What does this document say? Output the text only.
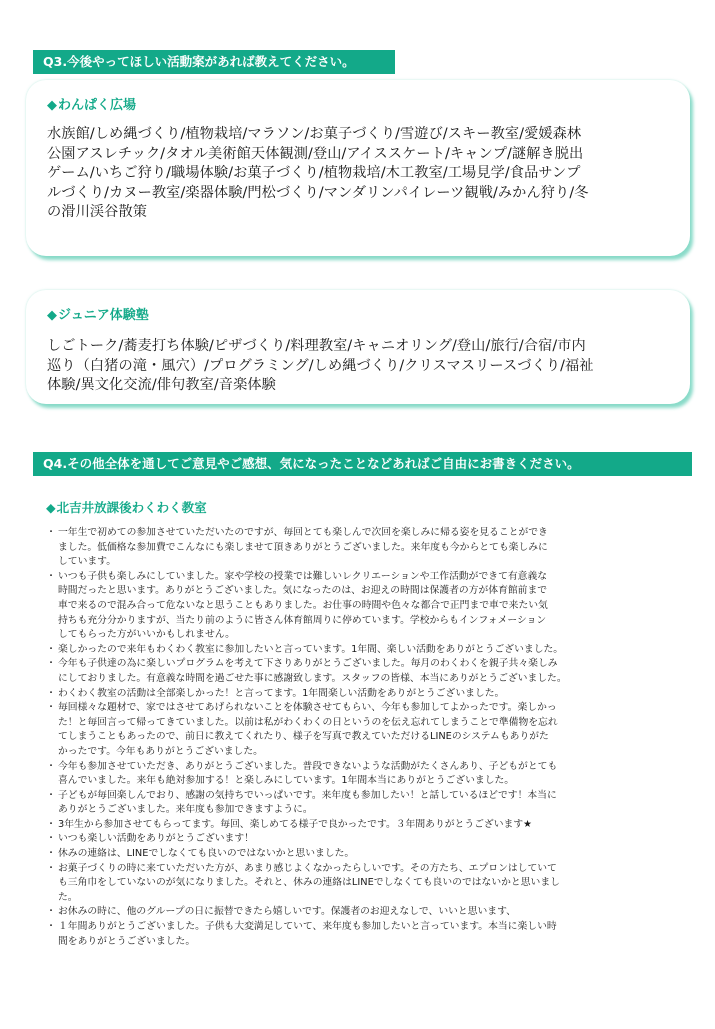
Q3.今後やってほしい活動案があれば教えてください。
◆わんぱく広場
水族館/しめ縄づくり/植物栽培/マラソン/お菓子づくり/雪遊び/スキー教室/愛媛森林
公園アスレチック/タオル美術館天体観測/登山/アイススケート/キャンプ/謎解き脱出
ゲーム/いちご狩り/職場体験/お菓子づくり/植物栽培/木工教室/工場見学/食品サンプ
ルづくり/カヌー教室/楽器体験/門松づくり/マンダリンパイレーツ観戦/みかん狩り/冬
の滑川渓谷散策
◆ジュニア体験塾
しごトーク/蕎麦打ち体験/ピザづくり/料理教室/キャニオリング/登山/旅行/合宿/市内
巡り（白猪の滝・風穴）/プログラミング/しめ縄づくり/クリスマスリースづくり/福祉
体験/異文化交流/俳句教室/音楽体験
Q4.その他全体を通してご意見やご感想、気になったことなどあればご自由にお書きください。
◆北吉井放課後わくわく教室
・ 一年生で初めての参加させていただいたのですが、毎回とても楽しんで次回を楽しみに帰る姿を見ることができ
ました。低価格な参加費でこんなにも楽しませて頂きありがとうございました。来年度も今からとても楽しみに
しています。
・ いつも子供も楽しみにしていました。家や学校の授業では難しいレクリエーションや工作活動ができて有意義な
時間だったと思います。ありがとうございました。気になったのは、お迎えの時間は保護者の方が体育館前まで
車で来るので混み合って危ないなと思うこともありました。お仕事の時間や色々な都合で正門まで車で来たい気
持ちも充分分かりますが、当たり前のように皆さん体育館周りに停めています。学校からもインフォメーション
してもらった方がいいかもしれません。
・ 楽しかったので来年もわくわく教室に参加したいと言っています。1年間、楽しい活動をありがとうございました。
・ 今年も子供達の為に楽しいプログラムを考えて下さりありがとうございました。毎月のわくわくを親子共々楽しみ
にしておりました。有意義な時間を過ごせた事に感謝致します。スタッフの皆様、本当にありがとうございました。
・ わくわく教室の活動は全部楽しかった！と言ってます。1年間楽しい活動をありがとうございました。
・ 毎回様々な題材で、家ではさせてあげられないことを体験させてもらい、今年も参加してよかったです。楽しかっ
た！と毎回言って帰ってきていました。以前は私がわくわくの日というのを伝え忘れてしまうことで準備物を忘れ
てしまうこともあったので、前日に教えてくれたり、様子を写真で教えていただけるLINEのシステムもありがた
かったです。今年もありがとうございました。
・ 今年も参加させていただき、ありがとうございました。普段できないような活動がたくさんあり、子どもがとても
喜んでいました。来年も絶対参加する！と楽しみにしています。1年間本当にありがとうございました。
・ 子どもが毎回楽しんでおり、感謝の気持ちでいっぱいです。来年度も参加したい！と話しているほどです！本当に
ありがとうございました。来年度も参加できますように。
・ 3年生から参加させてもらってます。毎回、楽しめてる様子で良かったです。３年間ありがとうございます★
・ いつも楽しい活動をありがとうございます！
・ 休みの連絡は、LINEでしなくても良いのではないかと思いました。
・ お菓子づくりの時に来ていただいた方が、あまり感じよくなかったらしいです。その方たち、エプロンはしていて
も三角巾をしていないのが気になりました。それと、休みの連絡はLINEでしなくても良いのではないかと思いまし
た。
・ お休みの時に、他のグループの日に振替できたら嬉しいです。保護者のお迎えなしで、いいと思います、
・ １年間ありがとうございました。子供も大変満足していて、来年度も参加したいと言っています。本当に楽しい時
間をありがとうございました。
